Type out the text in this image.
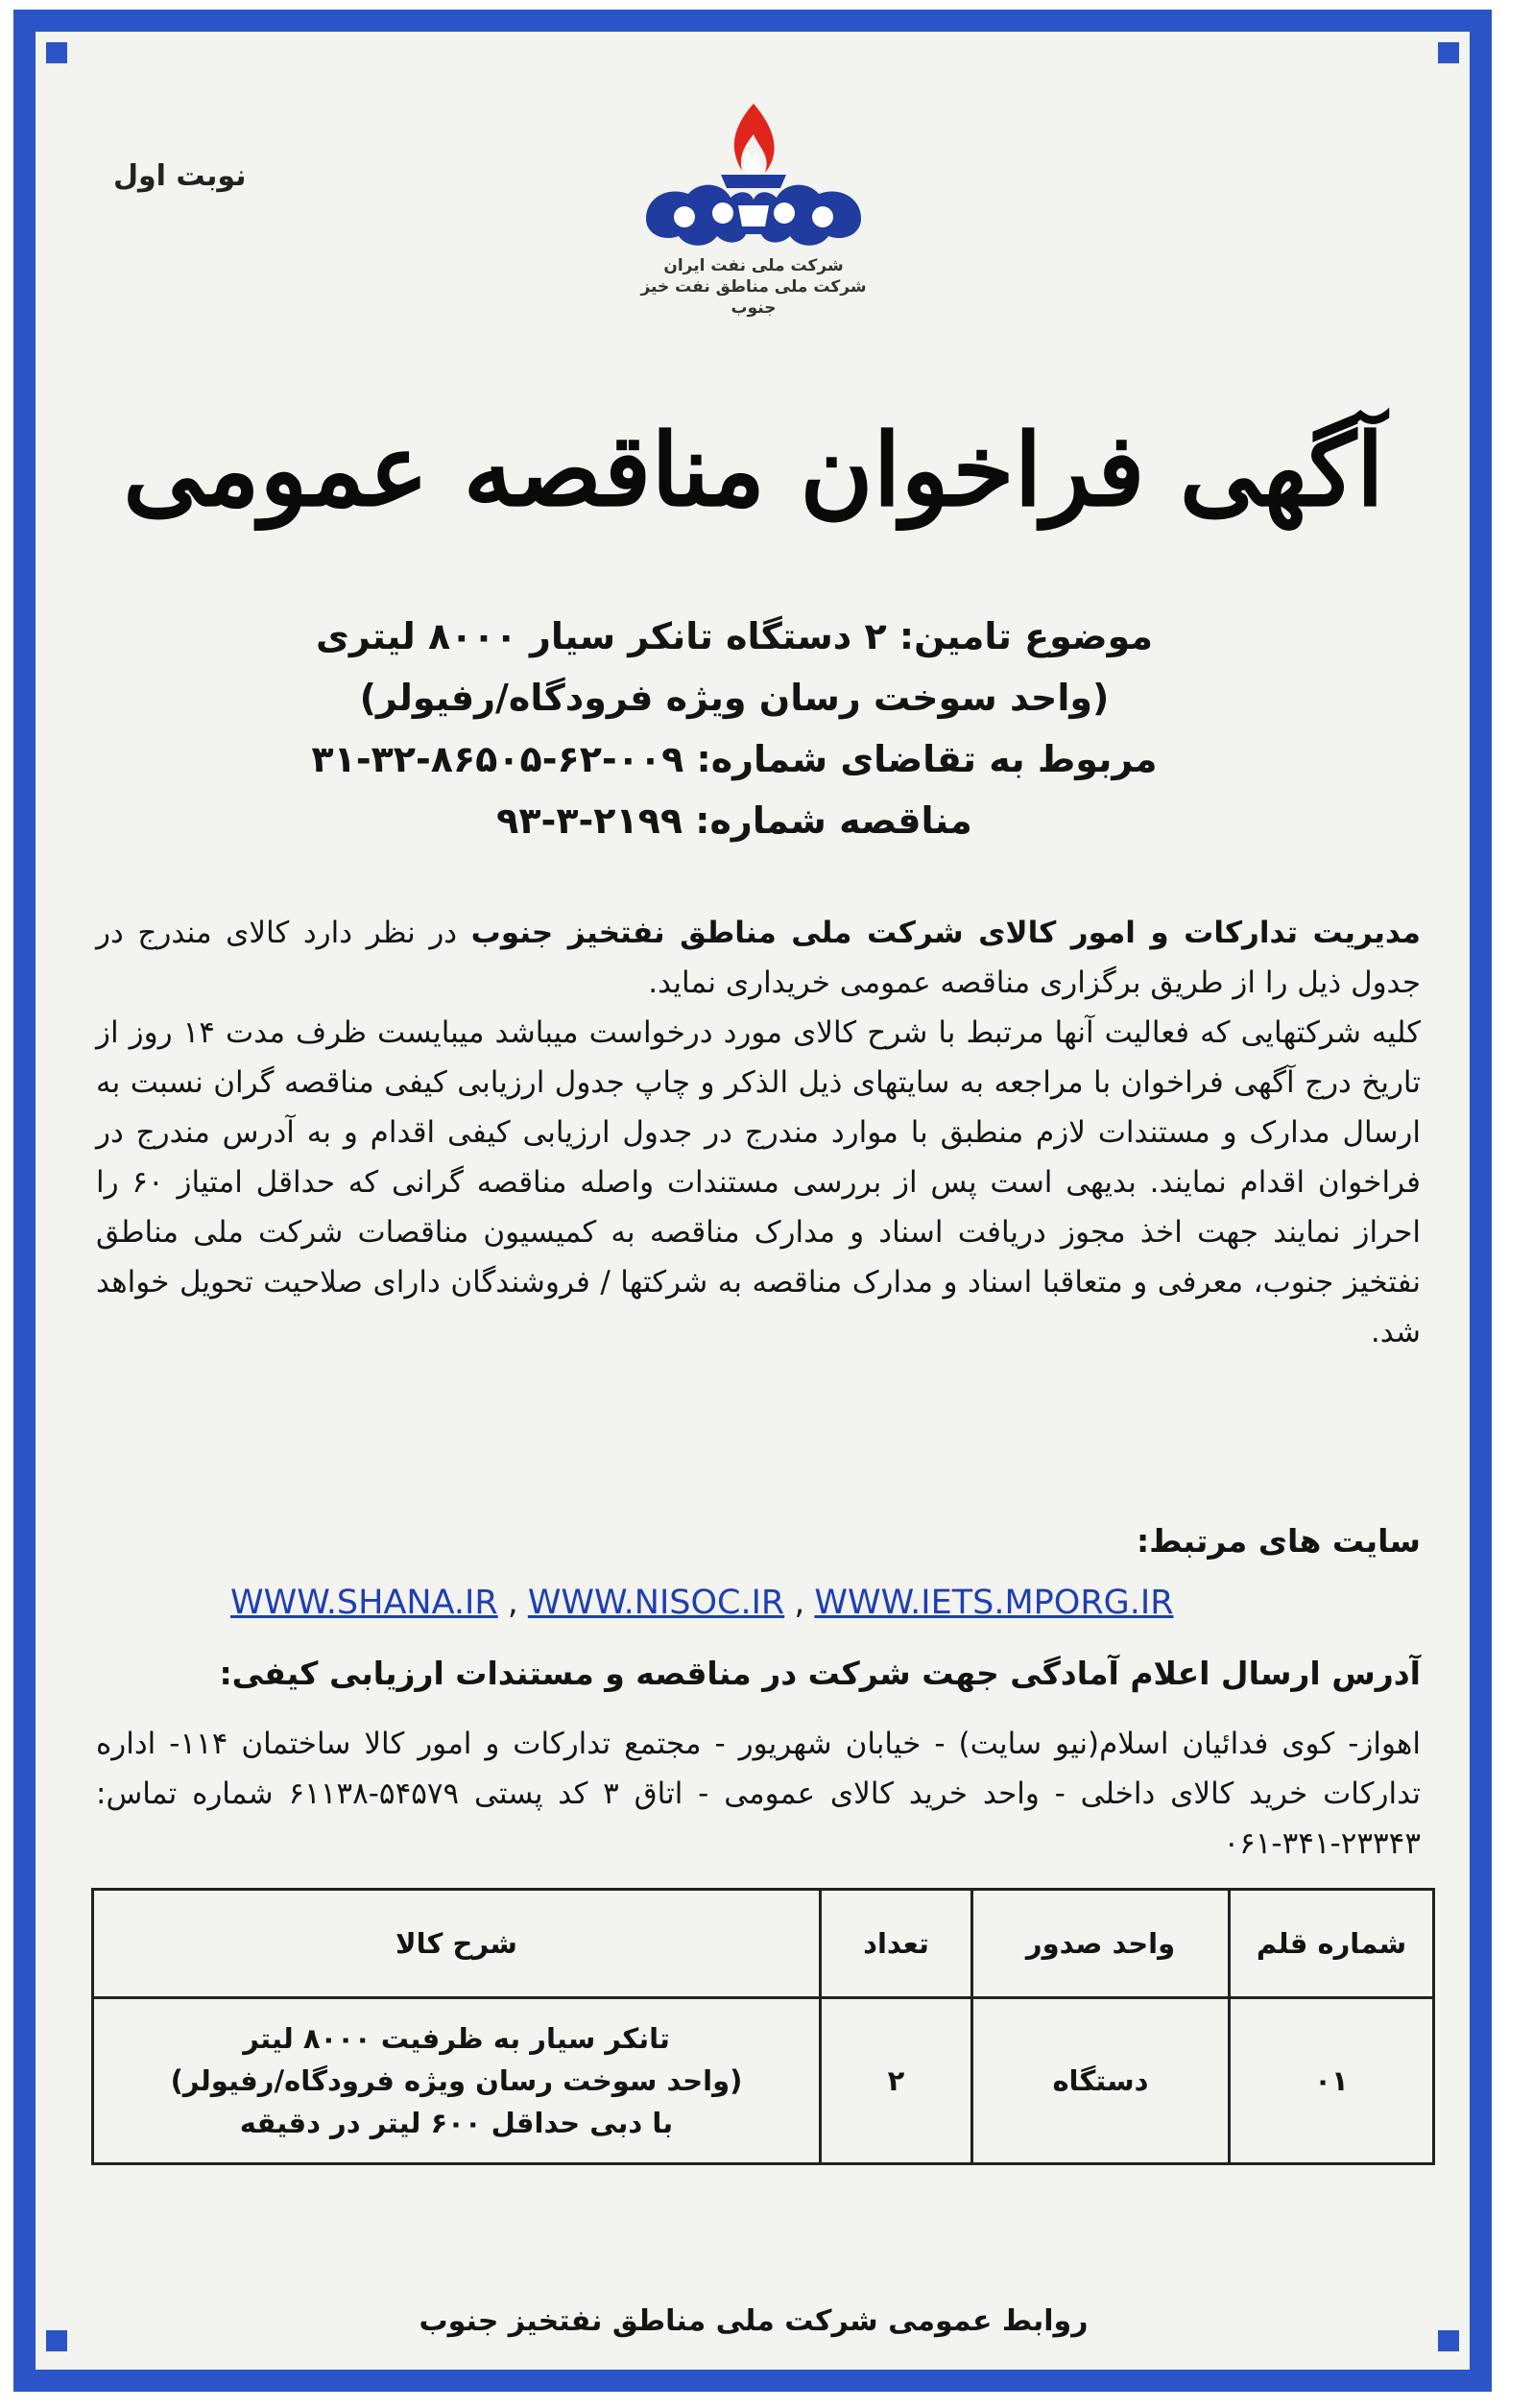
نوبت اول
شرکت ملی نفت ایران
شرکت ملی مناطق نفت خیز جنوب
آگهی فراخوان مناقصه عمومی
موضوع تامین: ۲ دستگاه تانکر سیار ۸۰۰۰ لیتری
(واحد سوخت رسان ویژه فرودگاه/رفیولر)
مربوط به تقاضای شماره: ۰۰۹-۶۲-۸۶۵۰۵-۳۲-۳۱
مناقصه شماره: ۲۱۹۹-۳-۹۳

مدیریت تدارکات و امور کالای شرکت ملی مناطق نفتخیز جنوب در نظر دارد کالای مندرج در جدول ذیل را از طریق برگزاری مناقصه عمومی خریداری نماید.

کلیه شرکتهایی که فعالیت آنها مرتبط با شرح کالای مورد درخواست میباشد میبایست ظرف مدت ۱۴ روز از تاریخ درج آگهی فراخوان با مراجعه به سایتهای ذیل الذکر و چاپ جدول ارزیابی کیفی مناقصه گران نسبت به ارسال مدارک و مستندات لازم منطبق با موارد مندرج در جدول ارزیابی کیفی اقدام و به آدرس مندرج در فراخوان اقدام نمایند. بدیهی است پس از بررسی مستندات واصله مناقصه گرانی که حداقل امتیاز ۶۰ را احراز نمایند جهت اخذ مجوز دریافت اسناد و مدارک مناقصه به کمیسیون مناقصات شرکت ملی مناطق نفتخیز جنوب، معرفی و متعاقبا اسناد و مدارک مناقصه به شرکتها / فروشندگان دارای صلاحیت تحویل خواهد شد.

سایت های مرتبط:
WWW.SHANA.IR , WWW.NISOC.IR , WWW.IETS.MPORG.IR
آدرس ارسال اعلام آمادگی جهت شرکت در مناقصه و مستندات ارزیابی کیفی:
اهواز- کوی فدائیان اسلام(نیو سایت) - خیابان شهریور - مجتمع تدارکات و امور کالا ساختمان ۱۱۴- اداره تدارکات خرید کالای داخلی - واحد خرید کالای عمومی - اتاق ۳ کد پستی ۵۴۵۷۹-۶۱۱۳۸ شماره تماس: ۲۳۳۴۳-۳۴۱-۰۶۱
روابط عمومی شرکت ملی مناطق نفتخیز جنوب
شماره قلم	واحد صدور	تعداد	شرح کالا
۰۱	دستگاه	۲	تانکر سیار به ظرفیت ۸۰۰۰ لیتر
(واحد سوخت رسان ویژه فرودگاه/رفیولر)
با دبی حداقل ۶۰۰ لیتر در دقیقه
